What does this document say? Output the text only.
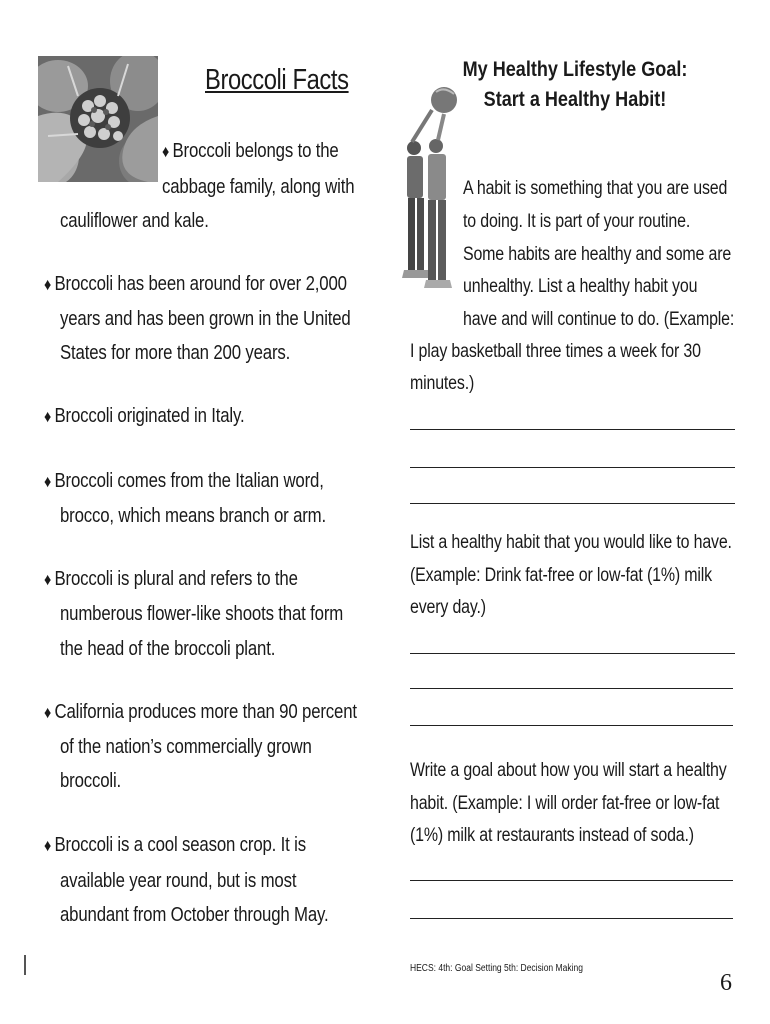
Broccoli Facts
♦ Broccoli belongs to the
cabbage family, along with
cauliflower and kale.
♦ Broccoli has been around for over 2,000
years and has been grown in the United
States for more than 200 years.
♦ Broccoli originated in Italy.
♦ Broccoli comes from the Italian word,
brocco, which means branch or arm.
♦ Broccoli is plural and refers to the
numberous flower-like shoots that form
the head of the broccoli plant.
♦ California produces more than 90 percent
of the nation’s commercially grown
broccoli.
♦ Broccoli is a cool season crop. It is
available year round, but is most
abundant from October through May.
My Healthy Lifestyle Goal:
Start a Healthy Habit!
A habit is something that you are used
to doing. It is part of your routine.
Some habits are healthy and some are
unhealthy. List a healthy habit you
have and will continue to do. (Example:
I play basketball three times a week for 30
minutes.)
List a healthy habit that you would like to have.
(Example: Drink fat-free or low-fat (1%) milk
every day.)
Write a goal about how you will start a healthy
habit. (Example: I will order fat-free or low-fat
(1%) milk at restaurants instead of soda.)
HECS: 4th: Goal Setting 5th: Decision Making
6
